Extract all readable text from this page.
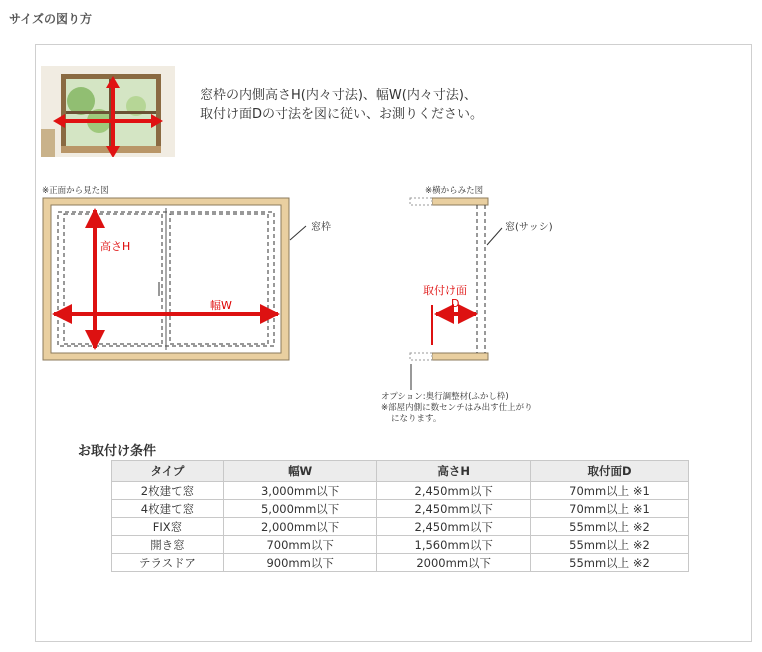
サイズの図り方
窓枠の内側高さH(内々寸法)、幅W(内々寸法)、
取付け面Dの寸法を図に従い、お測りください。
※正面から見た図
窓枠
高さH
幅W
※横からみた図
窓(サッシ)
取付け面
D
オプション:奥行調整材(ふかし枠)
※部屋内側に数センチはみ出す仕上がり
になります。
お取付け条件
タイプ	幅W	高さH	取付面D
2枚建て窓	3,000mm以下	2,450mm以下	70mm以上 ※1
4枚建て窓	5,000mm以下	2,450mm以下	70mm以上 ※1
FIX窓	2,000mm以下	2,450mm以下	55mm以上 ※2
開き窓	700mm以下	1,560mm以下	55mm以上 ※2
テラスドア	900mm以下	2000mm以下	55mm以上 ※2
